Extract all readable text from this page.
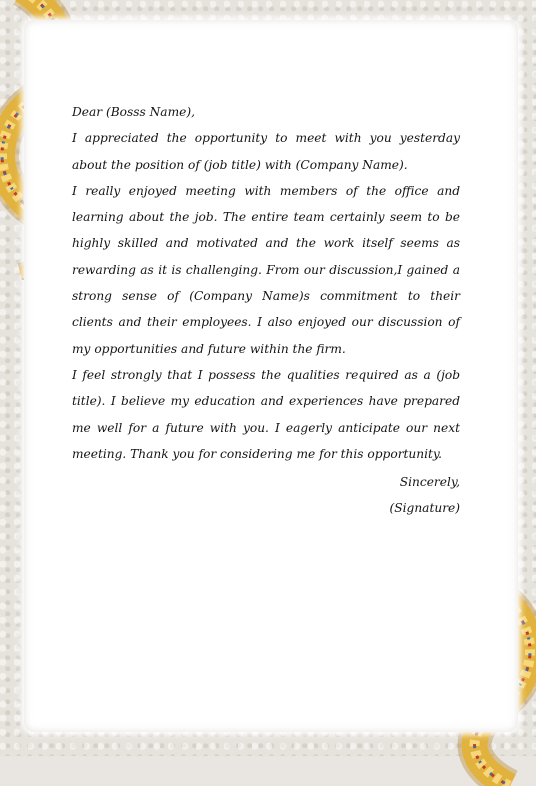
Dear (Bosss Name),

I appreciated the opportunity to meet with you yesterday about the position of (job title) with (Company Name).

I really enjoyed meeting with members of the office and learning about the job. The entire team certainly seem to be highly skilled and motivated and the work itself seems as rewarding as it is challenging. From our discussion,I gained a strong sense of (Company Name)s commitment to their clients and their employees. I also enjoyed our discussion of my opportunities and future within the firm.

I feel strongly that I possess the qualities required as a (job title). I believe my education and experiences have prepared me well for a future with you. I eagerly anticipate our next meeting. Thank you for considering me for this opportunity.

Sincerely,

(Signature)
